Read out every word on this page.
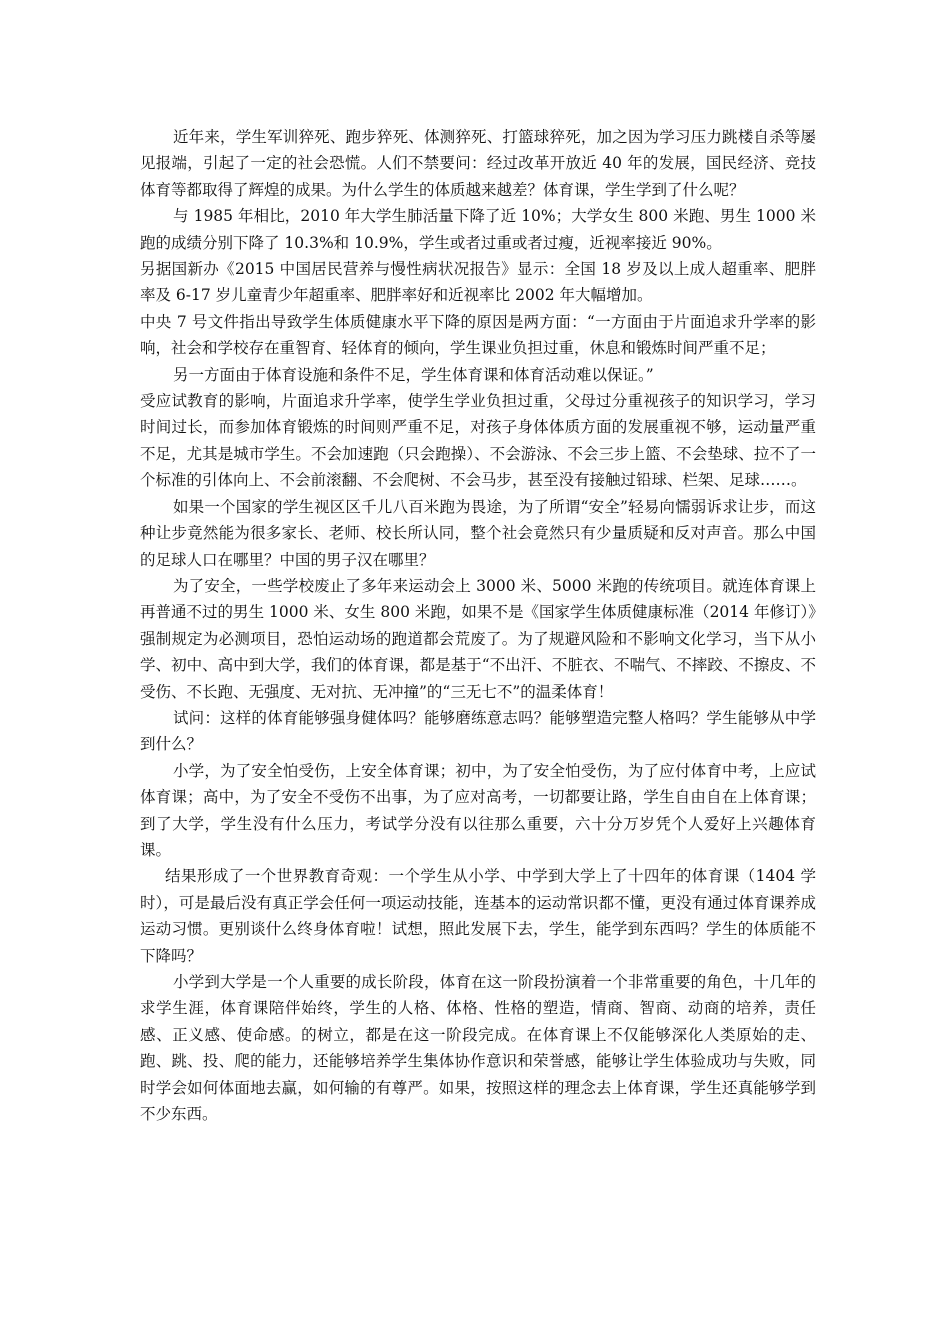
近年来，学生军训猝死、跑步猝死、体测猝死、打篮球猝死，加之因为学习压力跳楼自杀等屡见报端，引起了一定的社会恐慌。人们不禁要问：经过改革开放近 40 年的发展，国民经济、竞技体育等都取得了辉煌的成果。为什么学生的体质越来越差？体育课，学生学到了什么呢？

与 1985 年相比，2010 年大学生肺活量下降了近 10%；大学女生 800 米跑、男生 1000 米跑的成绩分别下降了 10.3%和 10.9%，学生或者过重或者过瘦，近视率接近 90%。

另据国新办《2015 中国居民营养与慢性病状况报告》显示：全国 18 岁及以上成人超重率、肥胖率及 6-17 岁儿童青少年超重率、肥胖率好和近视率比 2002 年大幅增加。

中央 7 号文件指出导致学生体质健康水平下降的原因是两方面：“一方面由于片面追求升学率的影响，社会和学校存在重智育、轻体育的倾向，学生课业负担过重，休息和锻炼时间严重不足；

另一方面由于体育设施和条件不足，学生体育课和体育活动难以保证。”

受应试教育的影响，片面追求升学率，使学生学业负担过重，父母过分重视孩子的知识学习，学习时间过长，而参加体育锻炼的时间则严重不足，对孩子身体体质方面的发展重视不够，运动量严重不足，尤其是城市学生。不会加速跑（只会跑操）、不会游泳、不会三步上篮、不会垫球、拉不了一个标准的引体向上、不会前滚翻、不会爬树、不会马步，甚至没有接触过铅球、栏架、足球……。

如果一个国家的学生视区区千儿八百米跑为畏途，为了所谓“安全”轻易向懦弱诉求让步，而这种让步竟然能为很多家长、老师、校长所认同，整个社会竟然只有少量质疑和反对声音。那么中国的足球人口在哪里？中国的男子汉在哪里？

为了安全，一些学校废止了多年来运动会上 3000 米、5000 米跑的传统项目。就连体育课上再普通不过的男生 1000 米、女生 800 米跑，如果不是《国家学生体质健康标准（2014 年修订）》强制规定为必测项目，恐怕运动场的跑道都会荒废了。为了规避风险和不影响文化学习，当下从小学、初中、高中到大学，我们的体育课，都是基于“不出汗、不脏衣、不喘气、不摔跤、不擦皮、不受伤、不长跑、无强度、无对抗、无冲撞”的“三无七不”的温柔体育！

试问：这样的体育能够强身健体吗？能够磨练意志吗？能够塑造完整人格吗？学生能够从中学到什么？

小学，为了安全怕受伤，上安全体育课；初中，为了安全怕受伤，为了应付体育中考，上应试体育课；高中，为了安全不受伤不出事，为了应对高考，一切都要让路，学生自由自在上体育课；到了大学，学生没有什么压力，考试学分没有以往那么重要，六十分万岁凭个人爱好上兴趣体育课。

结果形成了一个世界教育奇观：一个学生从小学、中学到大学上了十四年的体育课（1404 学时），可是最后没有真正学会任何一项运动技能，连基本的运动常识都不懂，更没有通过体育课养成运动习惯。更别谈什么终身体育啦！试想，照此发展下去，学生，能学到东西吗？学生的体质能不下降吗？

小学到大学是一个人重要的成长阶段，体育在这一阶段扮演着一个非常重要的角色，十几年的求学生涯，体育课陪伴始终，学生的人格、体格、性格的塑造，情商、智商、动商的培养，责任感、正义感、使命感。的树立，都是在这一阶段完成。在体育课上不仅能够深化人类原始的走、跑、跳、投、爬的能力，还能够培养学生集体协作意识和荣誉感，能够让学生体验成功与失败，同时学会如何体面地去赢，如何输的有尊严。如果，按照这样的理念去上体育课，学生还真能够学到不少东西。
